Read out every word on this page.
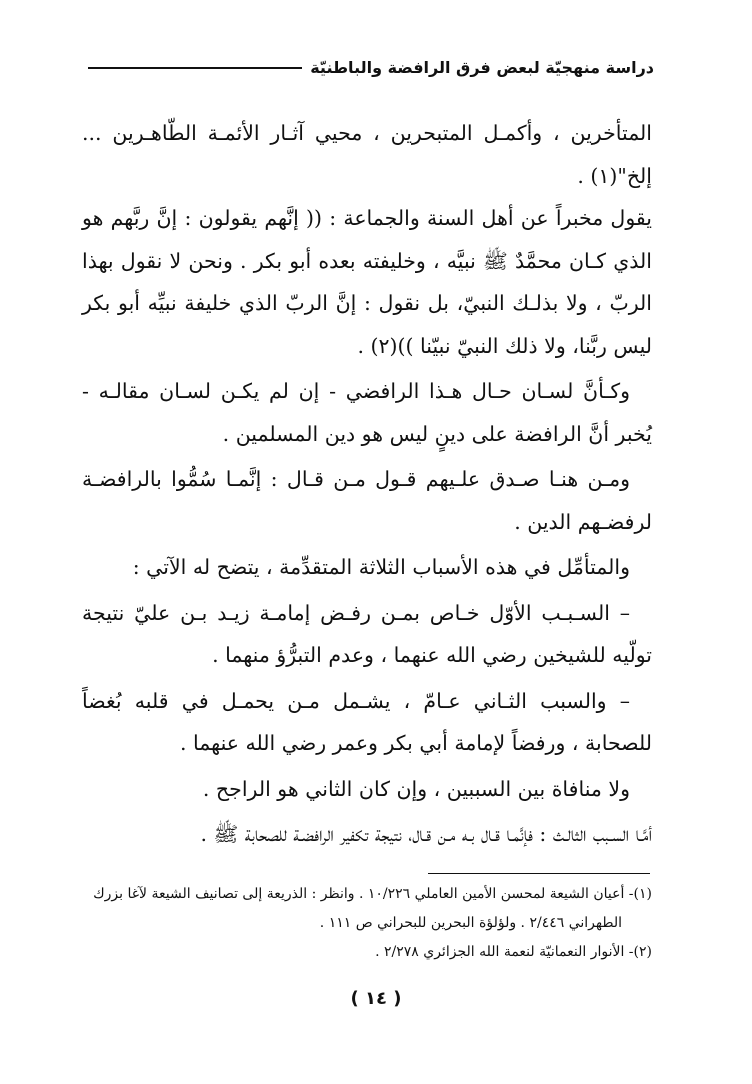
دراسة منهجيّة لبعض فرق الرافضة والباطنيّة

المتأخرين ، وأكمـل المتبحرين ، محيي آثـار الأئمـة الطّاهـرين ... إلخ"(١) .

يقول مخبراً عن أهل السنة والجماعة : (( إنَّهم يقولون : إنَّ ربَّهم هو الذي كـان محمَّدٌ ﷺ نبيَّه ، وخليفته بعده أبو بكر . ونحن لا نقول بهذا الربّ ، ولا بذلـك النبيّ، بل نقول : إنَّ الربّ الذي خليفة نبيِّه أبو بكر ليس ربَّنا، ولا ذلك النبيّ نبيّنا ))(٢) .

وكـأنَّ لسـان حـال هـذا الرافضي - إن لم يكـن لسـان مقالـه - يُخبر أنَّ الرافضة على دينٍ ليس هو دين المسلمين .

ومـن هنـا صـدق علـيهم قـول مـن قـال : إنَّمـا سُمُّوا بالرافضـة لرفضـهم الدين .

والمتأمِّل في هذه الأسباب الثلاثة المتقدِّمة ، يتضح له الآتي :

– السـبـب الأوّل خـاص بمـن رفـض إمامـة زيـد بـن عليّ نتيجة تولّيه للشيخين رضي الله عنهما ، وعدم التبرُّؤ منهما .

– والسبب الثـاني عـامّ ، يشـمل مـن يحمـل في قلبه بُغضاً للصحابة ، ورفضاً لإمامة أبي بكر وعمر رضي الله عنهما .

ولا منافاة بين السببين ، وإن كان الثاني هو الراجح .

أمَّـا السـبب الثالـث : فإنَّمـا قـال بـه مـن قـال، نتيجة تكفير الرافضـة للصحابة ﷺ .

(١)- أعيان الشيعة لمحسن الأمين العاملي ١٠/٢٢٦ . وانظر : الذريعة إلى تصانيف الشيعة لآغا بزرك

الطهراني ٢/٤٤٦ . ولؤلؤة البحرين للبحراني ص ١١١ .

(٢)- الأنوار النعمانيّة لنعمة الله الجزائري ٢/٢٧٨ .

( ١٤ )
